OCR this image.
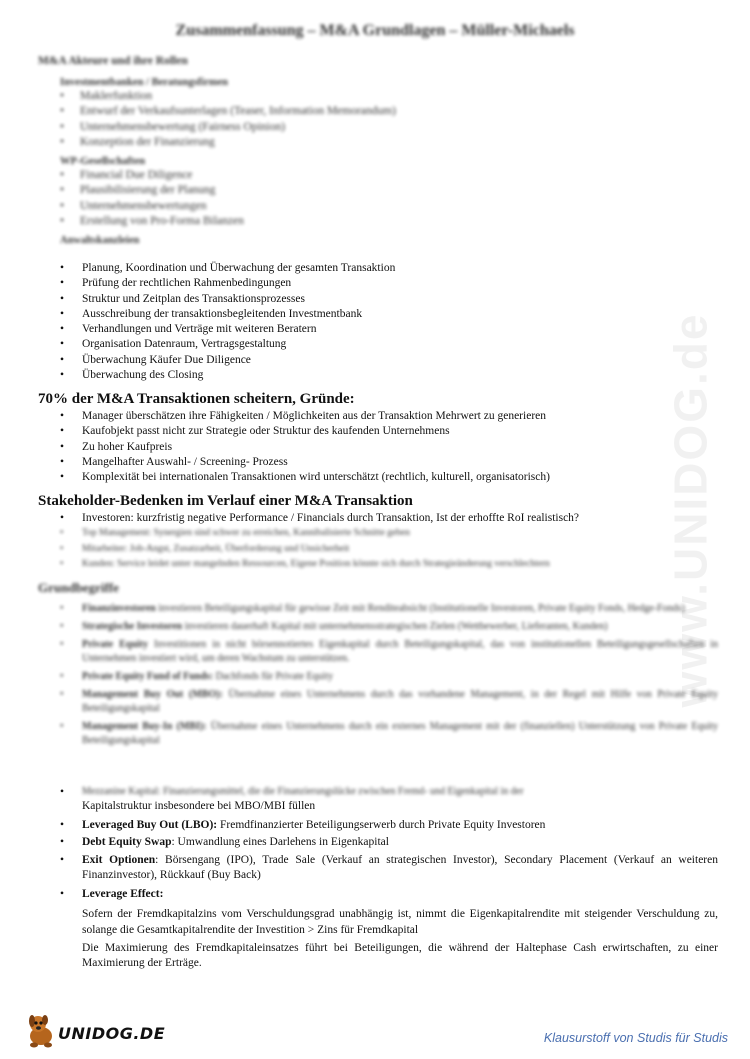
www.UNIDOG.de
Zusammenfassung – M&A Grundlagen – Müller-Michaels
M&A Akteure und ihre Rollen
Investmentbanken / Beratungsfirmen
• Maklerfunktion
• Entwurf der Verkaufsunterlagen (Teaser, Information Memorandum)
• Unternehmensbewertung (Fairness Opinion)
• Konzeption der Finanzierung
WP-Gesellschaften
• Financial Due Diligence
• Plausibilisierung der Planung
• Unternehmensbewertungen
• Erstellung von Pro-Forma Bilanzen
Anwaltskanzleien
• Planung, Koordination und Überwachung der gesamten Transaktion
• Prüfung der rechtlichen Rahmenbedingungen
• Struktur und Zeitplan des Transaktionsprozesses
• Ausschreibung der transaktionsbegleitenden Investmentbank
• Verhandlungen und Verträge mit weiteren Beratern
• Organisation Datenraum, Vertragsgestaltung
• Überwachung Käufer Due Diligence
• Überwachung des Closing
70% der M&A Transaktionen scheitern, Gründe:
• Manager überschätzen ihre Fähigkeiten / Möglichkeiten aus der Transaktion Mehrwert zu generieren
• Kaufobjekt passt nicht zur Strategie oder Struktur des kaufenden Unternehmens
• Zu hoher Kaufpreis
• Mangelhafter Auswahl- / Screening- Prozess
• Komplexität bei internationalen Transaktionen wird unterschätzt (rechtlich, kulturell, organisatorisch)
Stakeholder-Bedenken im Verlauf einer M&A Transaktion
• Investoren: kurzfristig negative Performance / Financials durch Transaktion, Ist der erhoffte RoI realistisch?
• Top Management: Synergien sind schwer zu erreichen, Kannibalisierte Schnitte geben
• Mitarbeiter: Job-Angst, Zusatzarbeit, Überforderung und Unsicherheit
• Kunden: Service leidet unter mangelnden Ressourcen, Eigene Position könnte sich durch Strategieänderung verschlechtern
Grundbegriffe
• Finanzinvestoren investieren Beteiligungskapital für gewisse Zeit mit Renditeabsicht (Institutionelle Investoren, Private Equity Fonds, Hedge-Fonds)
• Strategische Investoren investieren dauerhaft Kapital mit unternehmensstrategischen Zielen (Wettbewerber, Lieferanten, Kunden)
• Private Equity Investitionen in nicht börsennotiertes Eigenkapital durch Beteiligungskapital, das von institutionellen Beteiligungsgesellschaften in Unternehmen investiert wird, um deren Wachstum zu unterstützen.
• Private Equity Fund of Funds: Dachfonds für Private Equity
• Management Buy Out (MBO): Übernahme eines Unternehmens durch das vorhandene Management, in der Regel mit Hilfe von Private Equity Beteiligungskapital
• Management Buy-In (MBI): Übernahme eines Unternehmens durch ein externes Management mit der (finanziellen) Unterstützung von Private Equity Beteiligungskapital
• Mezzanine Kapital: Finanzierungsmittel, die die Finanzierungslücke zwischen Fremd- und Eigenkapital in der
Kapitalstruktur insbesondere bei MBO/MBI füllen
• Leveraged Buy Out (LBO): Fremdfinanzierter Beteiligungserwerb durch Private Equity Investoren
• Debt Equity Swap: Umwandlung eines Darlehens in Eigenkapital
• Exit Optionen: Börsengang (IPO), Trade Sale (Verkauf an strategischen Investor), Secondary Placement (Verkauf an weiteren Finanzinvestor), Rückkauf (Buy Back)
• Leverage Effect:
Sofern der Fremdkapitalzins vom Verschuldungsgrad unabhängig ist, nimmt die Eigenkapitalrendite mit steigender Verschuldung zu, solange die Gesamtkapitalrendite der Investition > Zins für Fremdkapital
Die Maximierung des Fremdkapitaleinsatzes führt bei Beteiligungen, die während der Haltephase Cash erwirtschaften, zu einer Maximierung der Erträge.
UNIDOG.DE	Klausurstoff von Studis für Studis
